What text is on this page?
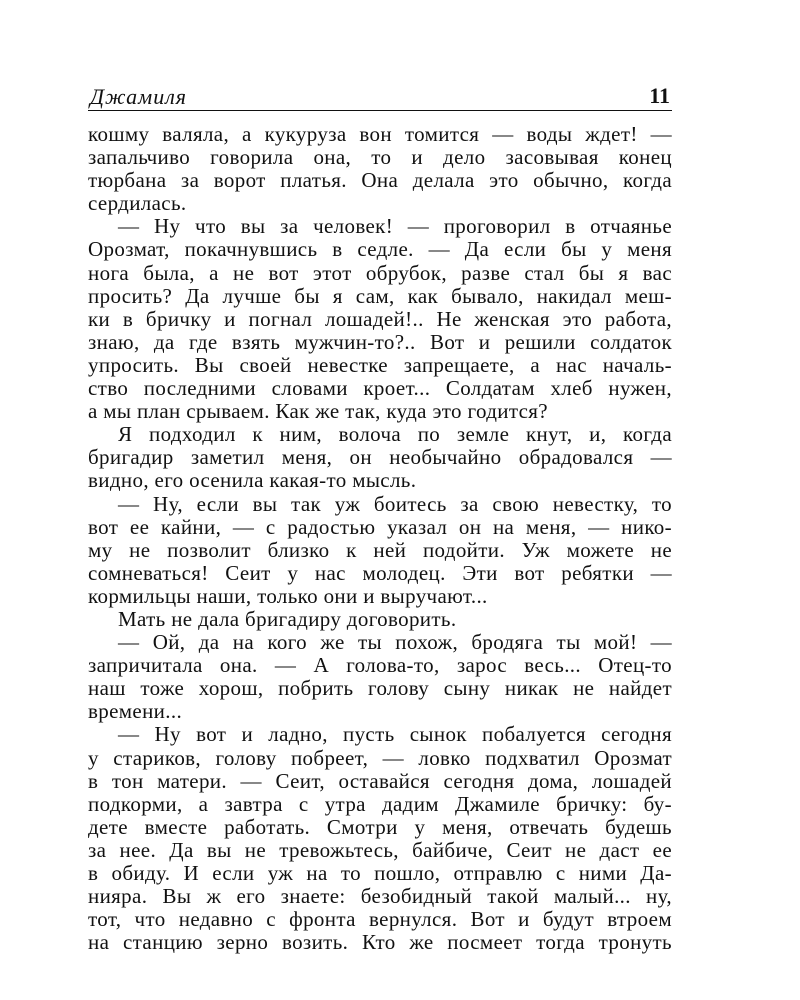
Джамиля	11
кошму валяла, а кукуруза вон томится — воды ждет! —
запальчиво говорила она, то и дело засовывая конец
тюрбана за ворот платья. Она делала это обычно, когда
сердилась.
— Ну что вы за человек! — проговорил в отчаянье
Орозмат, покачнувшись в седле. — Да если бы у меня
нога была, а не вот этот обрубок, разве стал бы я вас
просить? Да лучше бы я сам, как бывало, накидал меш-
ки в бричку и погнал лошадей!.. Не женская это работа,
знаю, да где взять мужчин-то?.. Вот и решили солдаток
упросить. Вы своей невестке запрещаете, а нас началь-
ство последними словами кроет... Солдатам хлеб нужен,
а мы план срываем. Как же так, куда это годится?
Я подходил к ним, волоча по земле кнут, и, когда
бригадир заметил меня, он необычайно обрадовался —
видно, его осенила какая-то мысль.
— Ну, если вы так уж боитесь за свою невестку, то
вот ее кайни, — с радостью указал он на меня, — нико-
му не позволит близко к ней подойти. Уж можете не
сомневаться! Сеит у нас молодец. Эти вот ребятки —
кормильцы наши, только они и выручают...
Мать не дала бригадиру договорить.
— Ой, да на кого же ты похож, бродяга ты мой! —
запричитала она. — А голова-то, зарос весь... Отец-то
наш тоже хорош, побрить голову сыну никак не найдет
времени...
— Ну вот и ладно, пусть сынок побалуется сегодня
у стариков, голову побреет, — ловко подхватил Орозмат
в тон матери. — Сеит, оставайся сегодня дома, лошадей
подкорми, а завтра с утра дадим Джамиле бричку: бу-
дете вместе работать. Смотри у меня, отвечать будешь
за нее. Да вы не тревожьтесь, байбиче, Сеит не даст ее
в обиду. И если уж на то пошло, отправлю с ними Да-
нияра. Вы ж его знаете: безобидный такой малый... ну,
тот, что недавно с фронта вернулся. Вот и будут втроем
на станцию зерно возить. Кто же посмеет тогда тронуть
